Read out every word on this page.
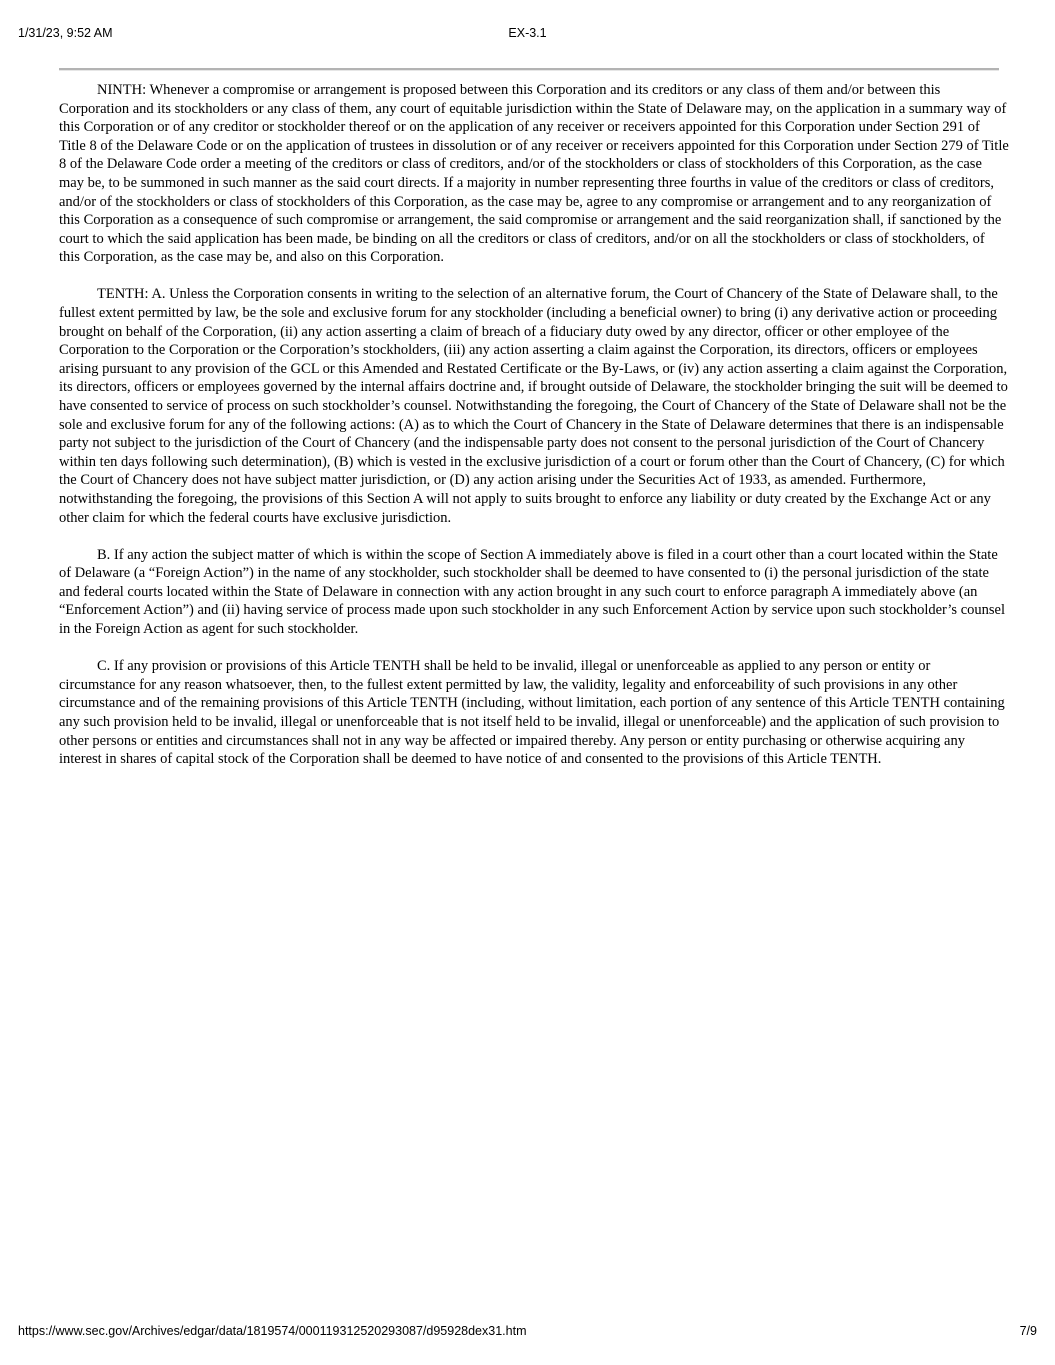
1/31/23, 9:52 AM	EX-3.1

NINTH: Whenever a compromise or arrangement is proposed between this Corporation and its creditors or any class of them and/or between this Corporation and its stockholders or any class of them, any court of equitable jurisdiction within the State of Delaware may, on the application in a summary way of this Corporation or of any creditor or stockholder thereof or on the application of any receiver or receivers appointed for this Corporation under Section 291 of Title 8 of the Delaware Code or on the application of trustees in dissolution or of any receiver or receivers appointed for this Corporation under Section 279 of Title 8 of the Delaware Code order a meeting of the creditors or class of creditors, and/or of the stockholders or class of stockholders of this Corporation, as the case may be, to be summoned in such manner as the said court directs. If a majority in number representing three fourths in value of the creditors or class of creditors, and/or of the stockholders or class of stockholders of this Corporation, as the case may be, agree to any compromise or arrangement and to any reorganization of this Corporation as a consequence of such compromise or arrangement, the said compromise or arrangement and the said reorganization shall, if sanctioned by the court to which the said application has been made, be binding on all the creditors or class of creditors, and/or on all the stockholders or class of stockholders, of this Corporation, as the case may be, and also on this Corporation.

TENTH: A. Unless the Corporation consents in writing to the selection of an alternative forum, the Court of Chancery of the State of Delaware shall, to the fullest extent permitted by law, be the sole and exclusive forum for any stockholder (including a beneficial owner) to bring (i) any derivative action or proceeding brought on behalf of the Corporation, (ii) any action asserting a claim of breach of a fiduciary duty owed by any director, officer or other employee of the Corporation to the Corporation or the Corporation’s stockholders, (iii) any action asserting a claim against the Corporation, its directors, officers or employees arising pursuant to any provision of the GCL or this Amended and Restated Certificate or the By-Laws, or (iv) any action asserting a claim against the Corporation, its directors, officers or employees governed by the internal affairs doctrine and, if brought outside of Delaware, the stockholder bringing the suit will be deemed to have consented to service of process on such stockholder’s counsel. Notwithstanding the foregoing, the Court of Chancery of the State of Delaware shall not be the sole and exclusive forum for any of the following actions: (A) as to which the Court of Chancery in the State of Delaware determines that there is an indispensable party not subject to the jurisdiction of the Court of Chancery (and the indispensable party does not consent to the personal jurisdiction of the Court of Chancery within ten days following such determination), (B) which is vested in the exclusive jurisdiction of a court or forum other than the Court of Chancery, (C) for which the Court of Chancery does not have subject matter jurisdiction, or (D) any action arising under the Securities Act of 1933, as amended. Furthermore, notwithstanding the foregoing, the provisions of this Section A will not apply to suits brought to enforce any liability or duty created by the Exchange Act or any other claim for which the federal courts have exclusive jurisdiction.

B. If any action the subject matter of which is within the scope of Section A immediately above is filed in a court other than a court located within the State of Delaware (a “Foreign Action”) in the name of any stockholder, such stockholder shall be deemed to have consented to (i) the personal jurisdiction of the state and federal courts located within the State of Delaware in connection with any action brought in any such court to enforce paragraph A immediately above (an “Enforcement Action”) and (ii) having service of process made upon such stockholder in any such Enforcement Action by service upon such stockholder’s counsel in the Foreign Action as agent for such stockholder.

C. If any provision or provisions of this Article TENTH shall be held to be invalid, illegal or unenforceable as applied to any person or entity or circumstance for any reason whatsoever, then, to the fullest extent permitted by law, the validity, legality and enforceability of such provisions in any other circumstance and of the remaining provisions of this Article TENTH (including, without limitation, each portion of any sentence of this Article TENTH containing any such provision held to be invalid, illegal or unenforceable that is not itself held to be invalid, illegal or unenforceable) and the application of such provision to other persons or entities and circumstances shall not in any way be affected or impaired thereby. Any person or entity purchasing or otherwise acquiring any interest in shares of capital stock of the Corporation shall be deemed to have notice of and consented to the provisions of this Article TENTH.

https://www.sec.gov/Archives/edgar/data/1819574/000119312520293087/d95928dex31.htm	7/9
